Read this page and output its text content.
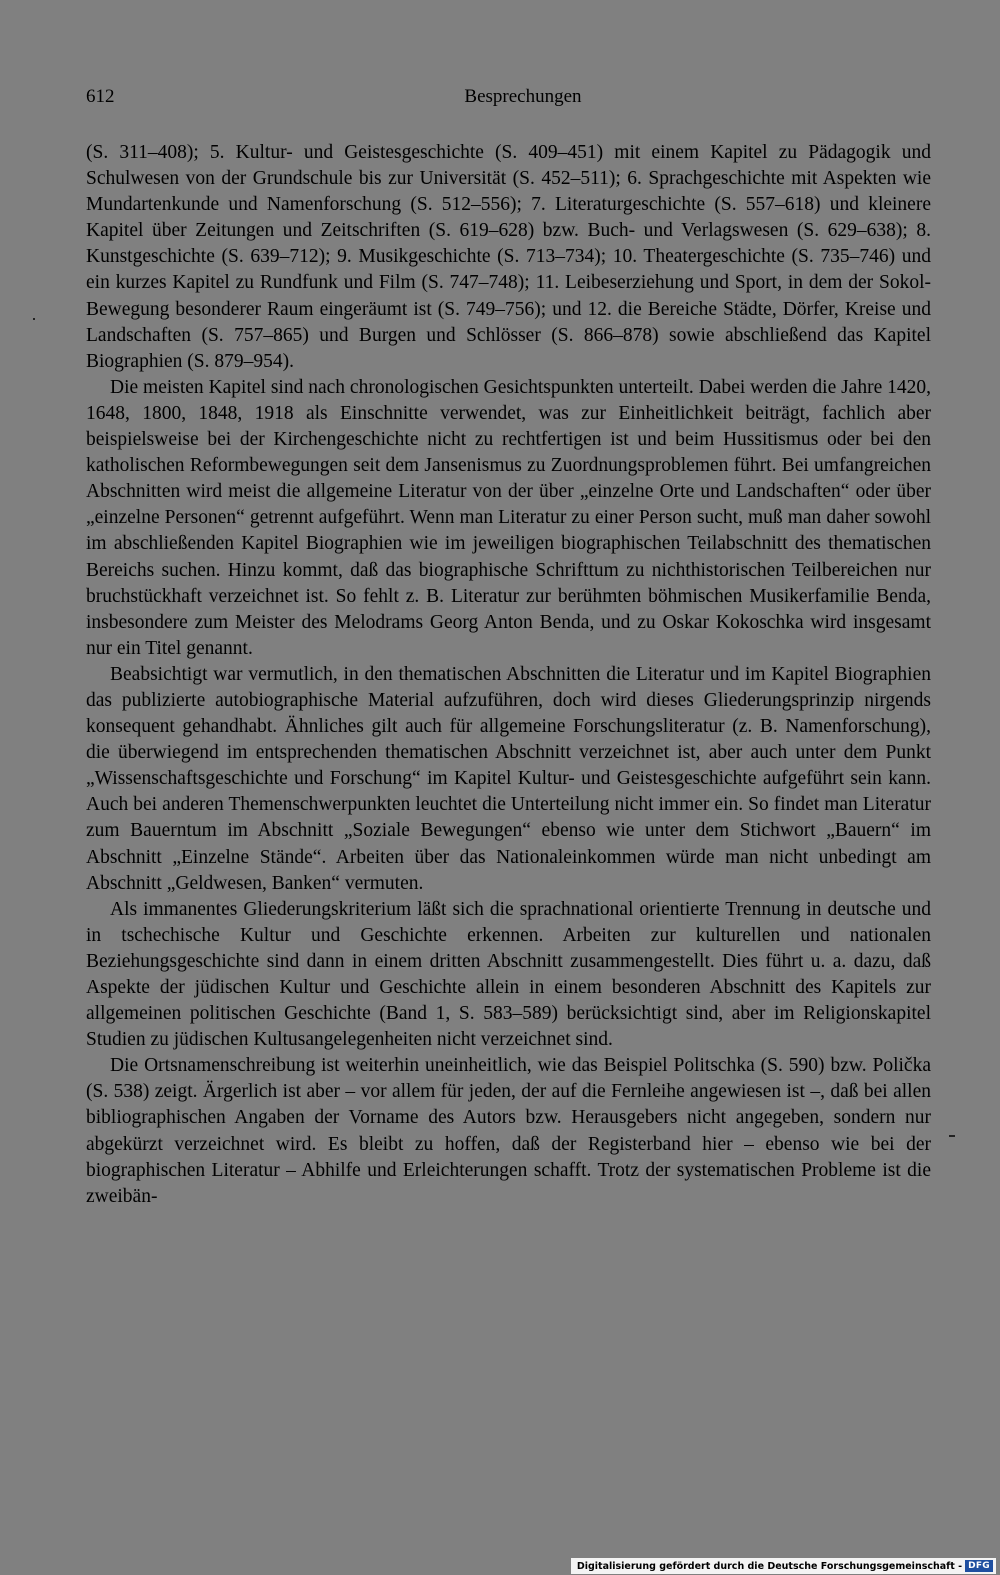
612	Besprechungen

(S. 311–408); 5. Kultur- und Geistesgeschichte (S. 409–451) mit einem Kapitel zu Pädagogik und Schulwesen von der Grundschule bis zur Universität (S. 452–511); 6. Sprachgeschichte mit Aspekten wie Mundartenkunde und Namenforschung (S. 512–556); 7. Literaturgeschichte (S. 557–618) und kleinere Kapitel über Zeitungen und Zeitschriften (S. 619–628) bzw. Buch- und Verlagswesen (S. 629–638); 8. Kunstgeschichte (S. 639–712); 9. Musikgeschichte (S. 713–734); 10. Theatergeschichte (S. 735–746) und ein kurzes Kapitel zu Rundfunk und Film (S. 747–748); 11. Leibeserziehung und Sport, in dem der Sokol-Bewegung besonderer Raum eingeräumt ist (S. 749–756); und 12. die Bereiche Städte, Dörfer, Kreise und Landschaften (S. 757–865) und Burgen und Schlösser (S. 866–878) sowie abschließend das Kapitel Biographien (S. 879–954).

Die meisten Kapitel sind nach chronologischen Gesichtspunkten unterteilt. Dabei werden die Jahre 1420, 1648, 1800, 1848, 1918 als Einschnitte verwendet, was zur Einheitlichkeit beiträgt, fachlich aber beispielsweise bei der Kirchengeschichte nicht zu rechtfertigen ist und beim Hussitismus oder bei den katholischen Reformbewegungen seit dem Jansenismus zu Zuordnungsproblemen führt. Bei umfangreichen Abschnitten wird meist die allgemeine Literatur von der über „einzelne Orte und Landschaften“ oder über „einzelne Personen“ getrennt aufgeführt. Wenn man Literatur zu einer Person sucht, muß man daher sowohl im abschließenden Kapitel Biographien wie im jeweiligen biographischen Teilabschnitt des thematischen Bereichs suchen. Hinzu kommt, daß das biographische Schrifttum zu nichthistorischen Teilbereichen nur bruchstückhaft verzeichnet ist. So fehlt z. B. Literatur zur berühmten böhmischen Musikerfamilie Benda, insbesondere zum Meister des Melodrams Georg Anton Benda, und zu Oskar Kokoschka wird insgesamt nur ein Titel genannt.

Beabsichtigt war vermutlich, in den thematischen Abschnitten die Literatur und im Kapitel Biographien das publizierte autobiographische Material aufzuführen, doch wird dieses Gliederungsprinzip nirgends konsequent gehandhabt. Ähnliches gilt auch für allgemeine Forschungsliteratur (z. B. Namenforschung), die überwiegend im entsprechenden thematischen Abschnitt verzeichnet ist, aber auch unter dem Punkt „Wissenschaftsgeschichte und Forschung“ im Kapitel Kultur- und Geistesgeschichte aufgeführt sein kann. Auch bei anderen Themenschwerpunkten leuchtet die Unterteilung nicht immer ein. So findet man Literatur zum Bauerntum im Abschnitt „Soziale Bewegungen“ ebenso wie unter dem Stichwort „Bauern“ im Abschnitt „Einzelne Stände“. Arbeiten über das Nationaleinkommen würde man nicht unbedingt am Abschnitt „Geldwesen, Banken“ vermuten.

Als immanentes Gliederungskriterium läßt sich die sprachnational orientierte Trennung in deutsche und in tschechische Kultur und Geschichte erkennen. Arbeiten zur kulturellen und nationalen Beziehungsgeschichte sind dann in einem dritten Abschnitt zusammengestellt. Dies führt u. a. dazu, daß Aspekte der jüdischen Kultur und Geschichte allein in einem besonderen Abschnitt des Kapitels zur allgemeinen politischen Geschichte (Band 1, S. 583–589) berücksichtigt sind, aber im Religionskapitel Studien zu jüdischen Kultusangelegenheiten nicht verzeichnet sind.

Die Ortsnamenschreibung ist weiterhin uneinheitlich, wie das Beispiel Politschka (S. 590) bzw. Polička (S. 538) zeigt. Ärgerlich ist aber – vor allem für jeden, der auf die Fernleihe angewiesen ist –, daß bei allen bibliographischen Angaben der Vorname des Autors bzw. Herausgebers nicht angegeben, sondern nur abgekürzt verzeichnet wird. Es bleibt zu hoffen, daß der Registerband hier – ebenso wie bei der biographischen Literatur – Abhilfe und Erleichterungen schafft. Trotz der systematischen Probleme ist die zweibän-

Digitalisierung gefördert durch die Deutsche Forschungsgemeinschaft - DFG
